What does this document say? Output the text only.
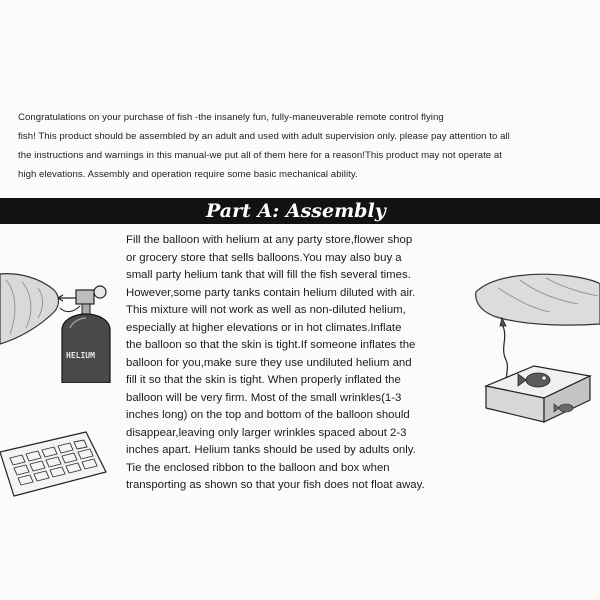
Congratulations on your purchase of fish -the insanely fun, fully-maneuverable remote control flying
fish! This product should be assembled by an adult and used with adult supervision only. please pay attention to all
the instructions and warnings in this manual-we put all of them here for a reason!This product may not operate at
high elevations. Assembly and operation require some basic mechanical ability.
Part A: Assembly
HELIUM
Fill the balloon with helium at any party store,flower shop
or grocery store that sells balloons.You may also buy a
small party helium tank that will fill the fish several times.
However,some party tanks contain helium diluted with air.
This mixture will not work as well as non-diluted helium,
especially at higher elevations or in hot climates.Inflate
the balloon so that the skin is tight.If someone inflates the
balloon for you,make sure they use undiluted helium and
fill it so that the skin is tight. When properly inflated the
balloon will be very firm. Most of the small wrinkles(1-3
inches long) on the top and bottom of the balloon should
disappear,leaving only larger wrinkles spaced about 2-3
inches apart. Helium tanks should be used by adults only.
Tie the enclosed ribbon to the balloon and box when
transporting as shown so that your fish does not float away.
